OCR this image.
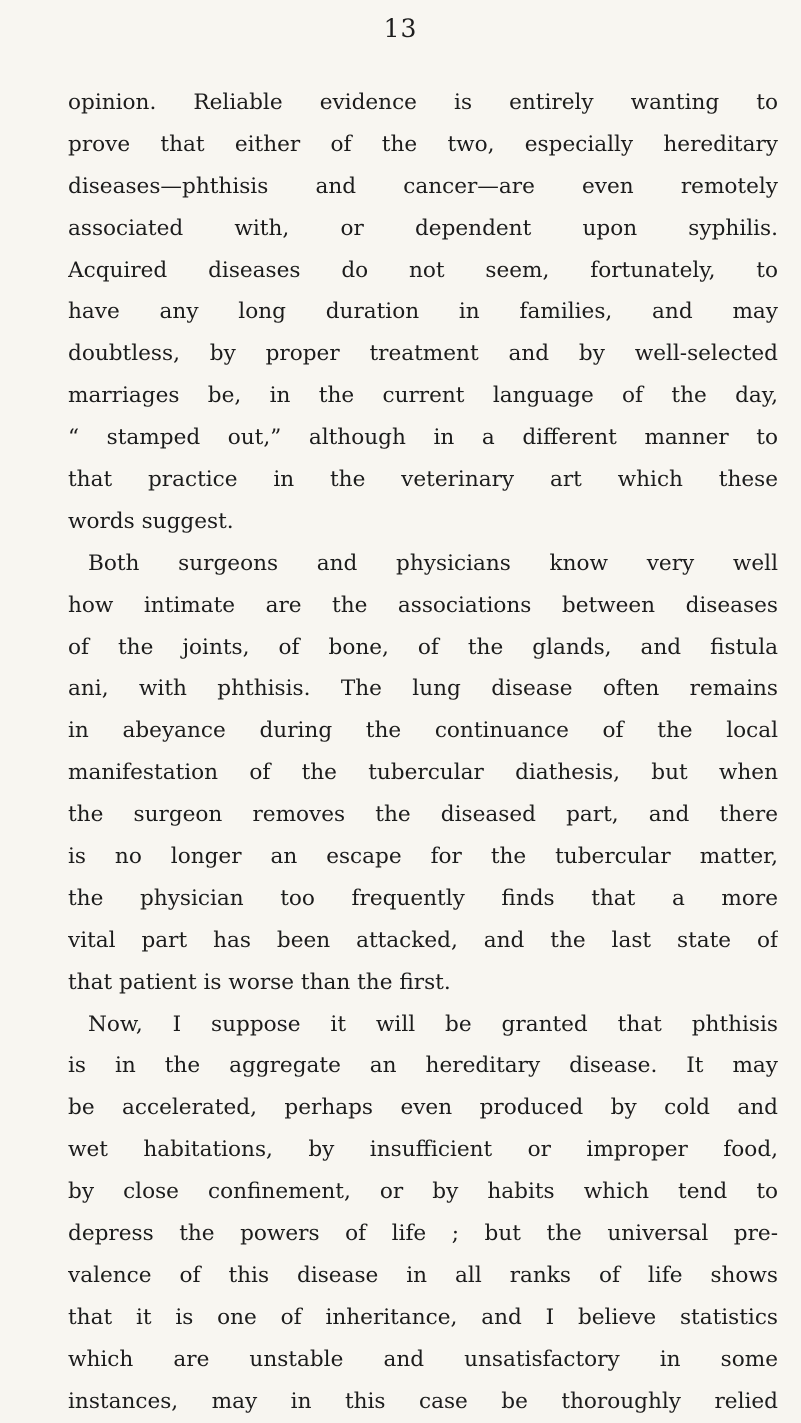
13
opinion. Reliable evidence is entirely wanting to
prove that either of the two, especially hereditary
diseases—phthisis and cancer—are even remotely
associated with, or dependent upon syphilis.
Acquired diseases do not seem, fortunately, to
have any long duration in families, and may
doubtless, by proper treatment and by well-selected
marriages be, in the current language of the day,
“ stamped out,” although in a different manner to
that practice in the veterinary art which these
words suggest.
Both surgeons and physicians know very well
how intimate are the associations between diseases
of the joints, of bone, of the glands, and fistula
ani, with phthisis. The lung disease often remains
in abeyance during the continuance of the local
manifestation of the tubercular diathesis, but when
the surgeon removes the diseased part, and there
is no longer an escape for the tubercular matter,
the physician too frequently finds that a more
vital part has been attacked, and the last state of
that patient is worse than the first.
Now, I suppose it will be granted that phthisis
is in the aggregate an hereditary disease. It may
be accelerated, perhaps even produced by cold and
wet habitations, by insufficient or improper food,
by close confinement, or by habits which tend to
depress the powers of life ; but the universal pre-
valence of this disease in all ranks of life shows
that it is one of inheritance, and I believe statistics
which are unstable and unsatisfactory in some
instances, may in this case be thoroughly relied
